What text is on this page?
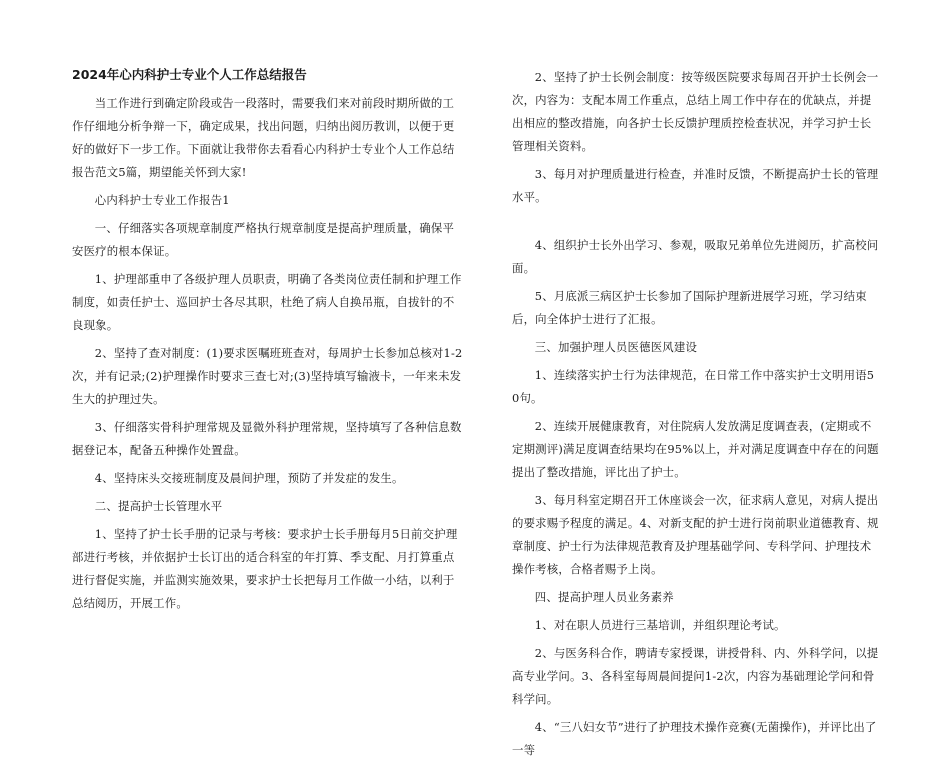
2024年心内科护士专业个人工作总结报告

当工作进行到确定阶段或告一段落时，需要我们来对前段时期所做的工作仔细地分析争辩一下，确定成果，找出问题，归纳出阅历教训，以便于更好的做好下一步工作。下面就让我带你去看看心内科护士专业个人工作总结报告范文5篇，期望能关怀到大家!

心内科护士专业工作报告1

一、仔细落实各项规章制度严格执行规章制度是提高护理质量，确保平安医疗的根本保证。

1、护理部重申了各级护理人员职责，明确了各类岗位责任制和护理工作制度，如责任护士、巡回护士各尽其职，杜绝了病人自换吊瓶，自拔针的不良现象。

2、坚持了查对制度：(1)要求医嘱班班查对，每周护士长参加总核对1-2次，并有记录;(2)护理操作时要求三查七对;(3)坚持填写输液卡，一年来未发生大的护理过失。

3、仔细落实骨科护理常规及显微外科护理常规，坚持填写了各种信息数据登记本，配备五种操作处置盘。

4、坚持床头交接班制度及晨间护理，预防了并发症的发生。

二、提高护士长管理水平

1、坚持了护士长手册的记录与考核：要求护士长手册每月5日前交护理部进行考核，并依据护士长订出的适合科室的年打算、季支配、月打算重点进行督促实施，并监测实施效果，要求护士长把每月工作做一小结，以利于总结阅历，开展工作。

2、坚持了护士长例会制度：按等级医院要求每周召开护士长例会一次，内容为：支配本周工作重点，总结上周工作中存在的优缺点，并提出相应的整改措施，向各护士长反馈护理质控检查状况，并学习护士长管理相关资料。

3、每月对护理质量进行检查，并准时反馈，不断提高护士长的管理水平。

4、组织护士长外出学习、参观，吸取兄弟单位先进阅历，扩高校问面。

5、月底派三病区护士长参加了国际护理新进展学习班，学习结束后，向全体护士进行了汇报。

三、加强护理人员医德医风建设

1、连续落实护士行为法律规范，在日常工作中落实护士文明用语50句。

2、连续开展健康教育，对住院病人发放满足度调查表，(定期或不定期测评)满足度调查结果均在95%以上，并对满足度调查中存在的问题提出了整改措施，评比出了护士。

3、每月科室定期召开工休座谈会一次，征求病人意见，对病人提出的要求赐予程度的满足。4、对新支配的护士进行岗前职业道德教育、规章制度、护士行为法律规范教育及护理基础学问、专科学问、护理技术操作考核，合格者赐予上岗。

四、提高护理人员业务素养

1、对在职人员进行三基培训，并组织理论考试。

2、与医务科合作，聘请专家授课，讲授骨科、内、外科学问，以提高专业学问。3、各科室每周晨间提问1-2次，内容为基础理论学问和骨科学问。

4、“三八妇女节”进行了护理技术操作竞赛(无菌操作)，并评比出了一等
